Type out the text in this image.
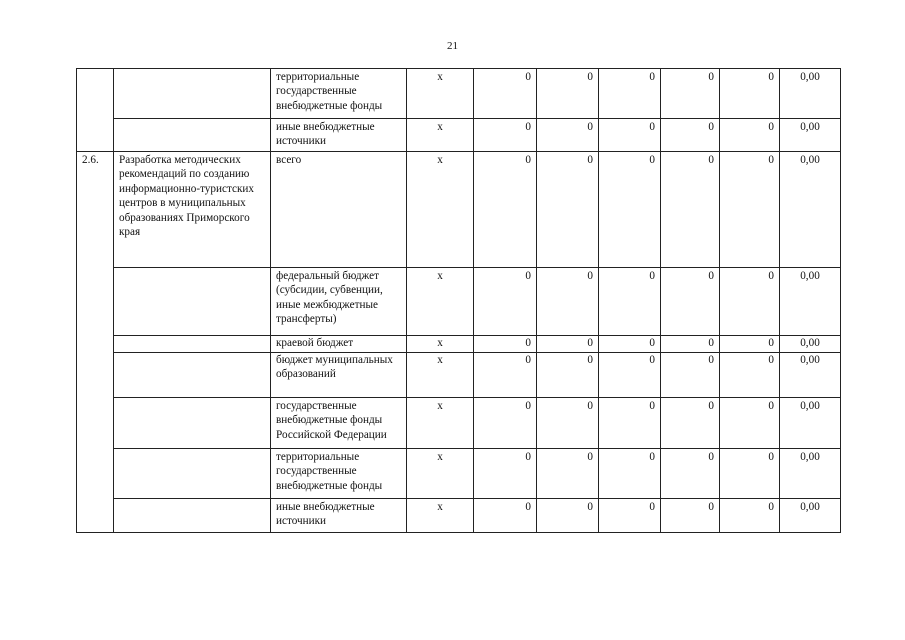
21
		территориальные государственные внебюджетные фонды	х	0	0	0	0	0	0,00
		иные внебюджетные источники	х	0	0	0	0	0	0,00
2.6.	Разработка методических рекомендаций по созданию информационно-туристских центров в муниципальных образованиях Приморского края	всего	х	0	0	0	0	0	0,00
		федеральный бюджет (субсидии, субвенции, иные межбюджетные трансферты)	х	0	0	0	0	0	0,00
		краевой бюджет	х	0	0	0	0	0	0,00
		бюджет муниципальных образований	х	0	0	0	0	0	0,00
		государственные внебюджетные фонды Российской Федерации	х	0	0	0	0	0	0,00
		территориальные государственные внебюджетные фонды	х	0	0	0	0	0	0,00
		иные внебюджетные источники	х	0	0	0	0	0	0,00
